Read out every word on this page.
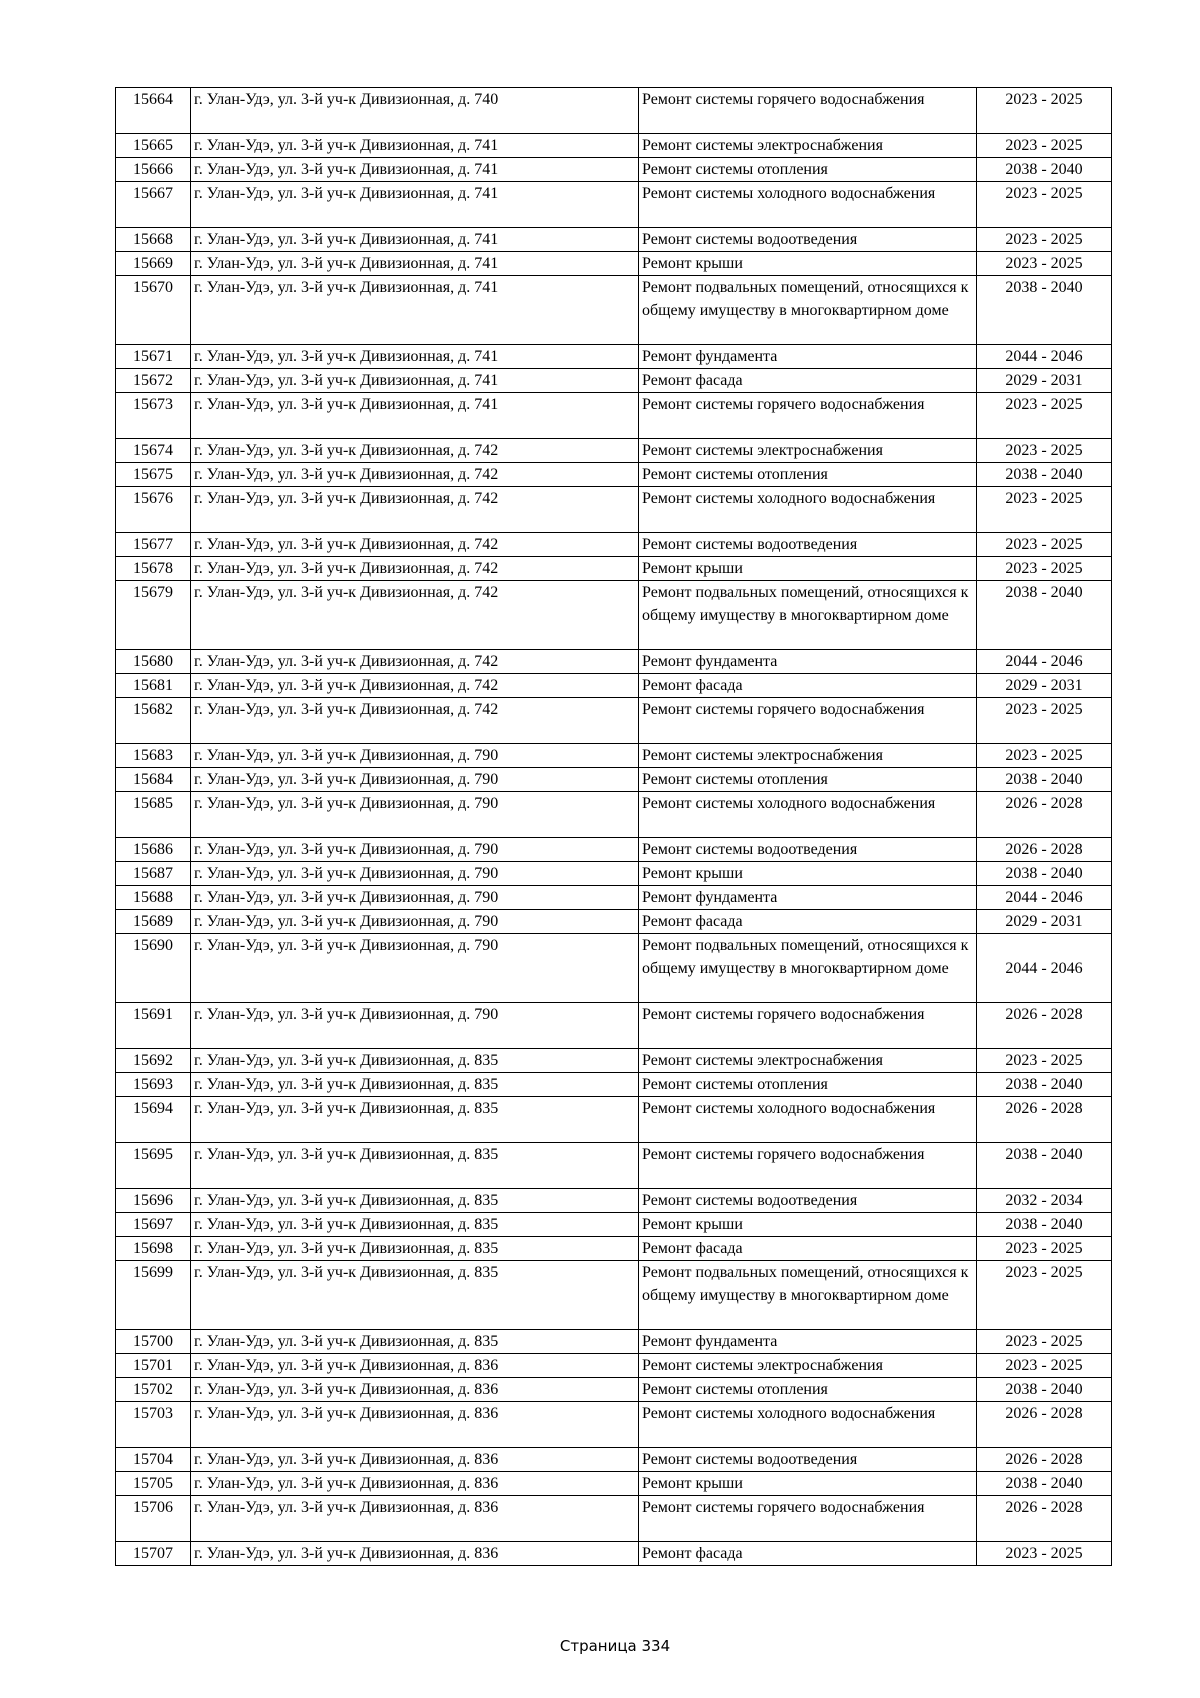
15664	г. Улан-Удэ, ул. 3-й уч-к Дивизионная, д. 740	Ремонт системы горячего водоснабжения	2023 - 2025
15665	г. Улан-Удэ, ул. 3-й уч-к Дивизионная, д. 741	Ремонт системы электроснабжения	2023 - 2025
15666	г. Улан-Удэ, ул. 3-й уч-к Дивизионная, д. 741	Ремонт системы отопления	2038 - 2040
15667	г. Улан-Удэ, ул. 3-й уч-к Дивизионная, д. 741	Ремонт системы холодного водоснабжения	2023 - 2025
15668	г. Улан-Удэ, ул. 3-й уч-к Дивизионная, д. 741	Ремонт системы водоотведения	2023 - 2025
15669	г. Улан-Удэ, ул. 3-й уч-к Дивизионная, д. 741	Ремонт крыши	2023 - 2025
15670	г. Улан-Удэ, ул. 3-й уч-к Дивизионная, д. 741	Ремонт подвальных помещений, относящихся к общему имуществу в многоквартирном доме	2038 - 2040
15671	г. Улан-Удэ, ул. 3-й уч-к Дивизионная, д. 741	Ремонт фундамента	2044 - 2046
15672	г. Улан-Удэ, ул. 3-й уч-к Дивизионная, д. 741	Ремонт фасада	2029 - 2031
15673	г. Улан-Удэ, ул. 3-й уч-к Дивизионная, д. 741	Ремонт системы горячего водоснабжения	2023 - 2025
15674	г. Улан-Удэ, ул. 3-й уч-к Дивизионная, д. 742	Ремонт системы электроснабжения	2023 - 2025
15675	г. Улан-Удэ, ул. 3-й уч-к Дивизионная, д. 742	Ремонт системы отопления	2038 - 2040
15676	г. Улан-Удэ, ул. 3-й уч-к Дивизионная, д. 742	Ремонт системы холодного водоснабжения	2023 - 2025
15677	г. Улан-Удэ, ул. 3-й уч-к Дивизионная, д. 742	Ремонт системы водоотведения	2023 - 2025
15678	г. Улан-Удэ, ул. 3-й уч-к Дивизионная, д. 742	Ремонт крыши	2023 - 2025
15679	г. Улан-Удэ, ул. 3-й уч-к Дивизионная, д. 742	Ремонт подвальных помещений, относящихся к общему имуществу в многоквартирном доме	2038 - 2040
15680	г. Улан-Удэ, ул. 3-й уч-к Дивизионная, д. 742	Ремонт фундамента	2044 - 2046
15681	г. Улан-Удэ, ул. 3-й уч-к Дивизионная, д. 742	Ремонт фасада	2029 - 2031
15682	г. Улан-Удэ, ул. 3-й уч-к Дивизионная, д. 742	Ремонт системы горячего водоснабжения	2023 - 2025
15683	г. Улан-Удэ, ул. 3-й уч-к Дивизионная, д. 790	Ремонт системы электроснабжения	2023 - 2025
15684	г. Улан-Удэ, ул. 3-й уч-к Дивизионная, д. 790	Ремонт системы отопления	2038 - 2040
15685	г. Улан-Удэ, ул. 3-й уч-к Дивизионная, д. 790	Ремонт системы холодного водоснабжения	2026 - 2028
15686	г. Улан-Удэ, ул. 3-й уч-к Дивизионная, д. 790	Ремонт системы водоотведения	2026 - 2028
15687	г. Улан-Удэ, ул. 3-й уч-к Дивизионная, д. 790	Ремонт крыши	2038 - 2040
15688	г. Улан-Удэ, ул. 3-й уч-к Дивизионная, д. 790	Ремонт фундамента	2044 - 2046
15689	г. Улан-Удэ, ул. 3-й уч-к Дивизионная, д. 790	Ремонт фасада	2029 - 2031
15690	г. Улан-Удэ, ул. 3-й уч-к Дивизионная, д. 790	Ремонт подвальных помещений, относящихся к общему имуществу в многоквартирном доме	2044 - 2046
15691	г. Улан-Удэ, ул. 3-й уч-к Дивизионная, д. 790	Ремонт системы горячего водоснабжения	2026 - 2028
15692	г. Улан-Удэ, ул. 3-й уч-к Дивизионная, д. 835	Ремонт системы электроснабжения	2023 - 2025
15693	г. Улан-Удэ, ул. 3-й уч-к Дивизионная, д. 835	Ремонт системы отопления	2038 - 2040
15694	г. Улан-Удэ, ул. 3-й уч-к Дивизионная, д. 835	Ремонт системы холодного водоснабжения	2026 - 2028
15695	г. Улан-Удэ, ул. 3-й уч-к Дивизионная, д. 835	Ремонт системы горячего водоснабжения	2038 - 2040
15696	г. Улан-Удэ, ул. 3-й уч-к Дивизионная, д. 835	Ремонт системы водоотведения	2032 - 2034
15697	г. Улан-Удэ, ул. 3-й уч-к Дивизионная, д. 835	Ремонт крыши	2038 - 2040
15698	г. Улан-Удэ, ул. 3-й уч-к Дивизионная, д. 835	Ремонт фасада	2023 - 2025
15699	г. Улан-Удэ, ул. 3-й уч-к Дивизионная, д. 835	Ремонт подвальных помещений, относящихся к общему имуществу в многоквартирном доме	2023 - 2025
15700	г. Улан-Удэ, ул. 3-й уч-к Дивизионная, д. 835	Ремонт фундамента	2023 - 2025
15701	г. Улан-Удэ, ул. 3-й уч-к Дивизионная, д. 836	Ремонт системы электроснабжения	2023 - 2025
15702	г. Улан-Удэ, ул. 3-й уч-к Дивизионная, д. 836	Ремонт системы отопления	2038 - 2040
15703	г. Улан-Удэ, ул. 3-й уч-к Дивизионная, д. 836	Ремонт системы холодного водоснабжения	2026 - 2028
15704	г. Улан-Удэ, ул. 3-й уч-к Дивизионная, д. 836	Ремонт системы водоотведения	2026 - 2028
15705	г. Улан-Удэ, ул. 3-й уч-к Дивизионная, д. 836	Ремонт крыши	2038 - 2040
15706	г. Улан-Удэ, ул. 3-й уч-к Дивизионная, д. 836	Ремонт системы горячего водоснабжения	2026 - 2028
15707	г. Улан-Удэ, ул. 3-й уч-к Дивизионная, д. 836	Ремонт фасада	2023 - 2025
Страница 334
